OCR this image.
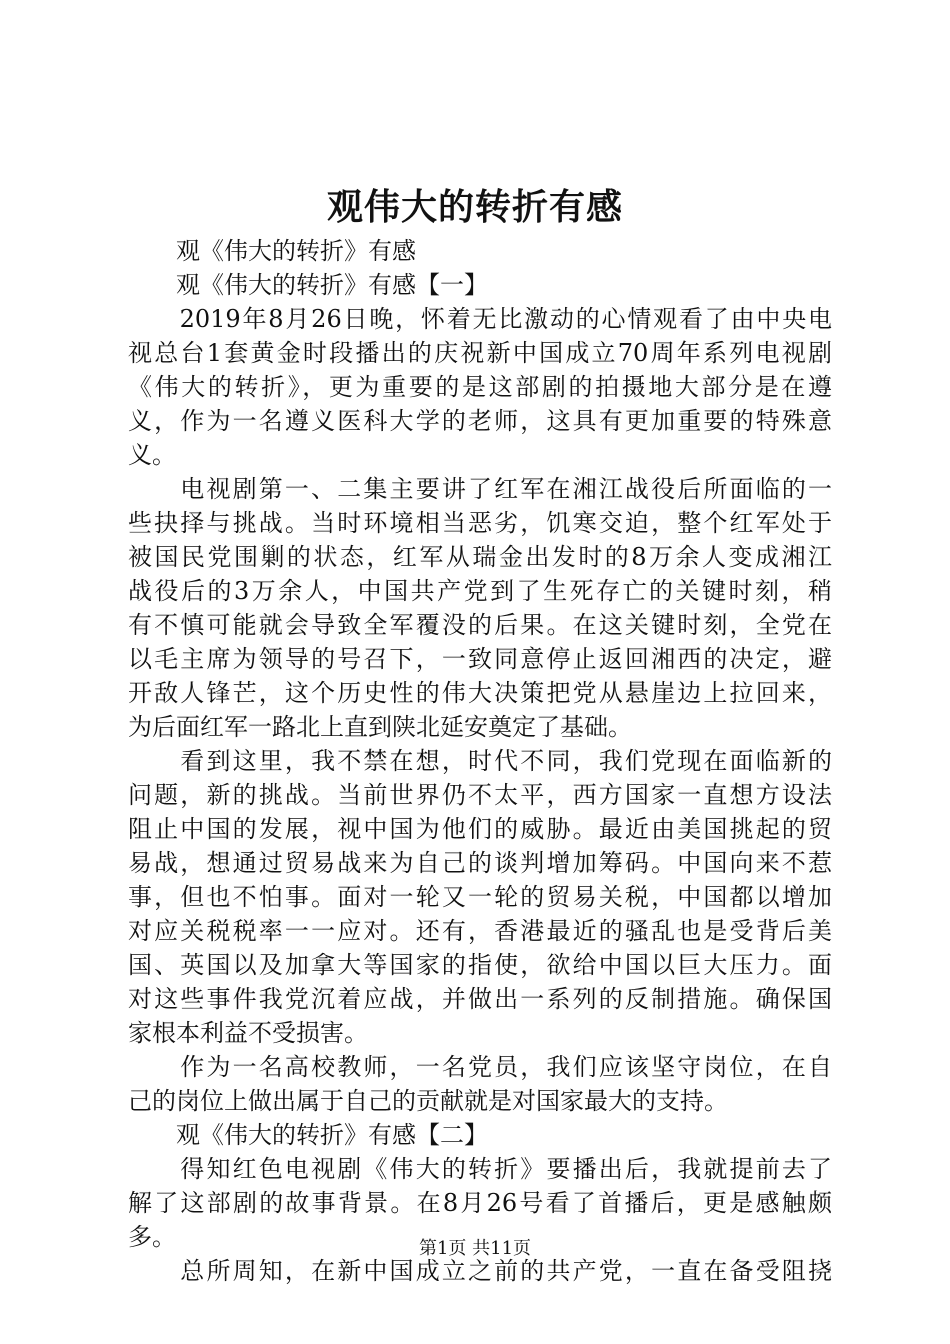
观伟大的转折有感
　　观《伟大的转折》有感
　　观《伟大的转折》有感【一】
　　2019年8月26日晚，怀着无比激动的心情观看了由中央电
视总台1套黄金时段播出的庆祝新中国成立70周年系列电视剧
《伟大的转折》，更为重要的是这部剧的拍摄地大部分是在遵
义，作为一名遵义医科大学的老师，这具有更加重要的特殊意
义。
　　电视剧第一、二集主要讲了红军在湘江战役后所面临的一
些抉择与挑战。当时环境相当恶劣，饥寒交迫，整个红军处于
被国民党围剿的状态，红军从瑞金出发时的8万余人变成湘江
战役后的3万余人，中国共产党到了生死存亡的关键时刻，稍
有不慎可能就会导致全军覆没的后果。在这关键时刻，全党在
以毛主席为领导的号召下，一致同意停止返回湘西的决定，避
开敌人锋芒，这个历史性的伟大决策把党从悬崖边上拉回来，
为后面红军一路北上直到陕北延安奠定了基础。
　　看到这里，我不禁在想，时代不同，我们党现在面临新的
问题，新的挑战。当前世界仍不太平，西方国家一直想方设法
阻止中国的发展，视中国为他们的威胁。最近由美国挑起的贸
易战，想通过贸易战来为自己的谈判增加筹码。中国向来不惹
事，但也不怕事。面对一轮又一轮的贸易关税，中国都以增加
对应关税税率一一应对。还有，香港最近的骚乱也是受背后美
国、英国以及加拿大等国家的指使，欲给中国以巨大压力。面
对这些事件我党沉着应战，并做出一系列的反制措施。确保国
家根本利益不受损害。
　　作为一名高校教师，一名党员，我们应该坚守岗位，在自
己的岗位上做出属于自己的贡献就是对国家最大的支持。
　　观《伟大的转折》有感【二】
　　得知红色电视剧《伟大的转折》要播出后，我就提前去了
解了这部剧的故事背景。在8月26号看了首播后，更是感触颇
多。
　　总所周知，在新中国成立之前的共产党，一直在备受阻挠
第1页 共11页
